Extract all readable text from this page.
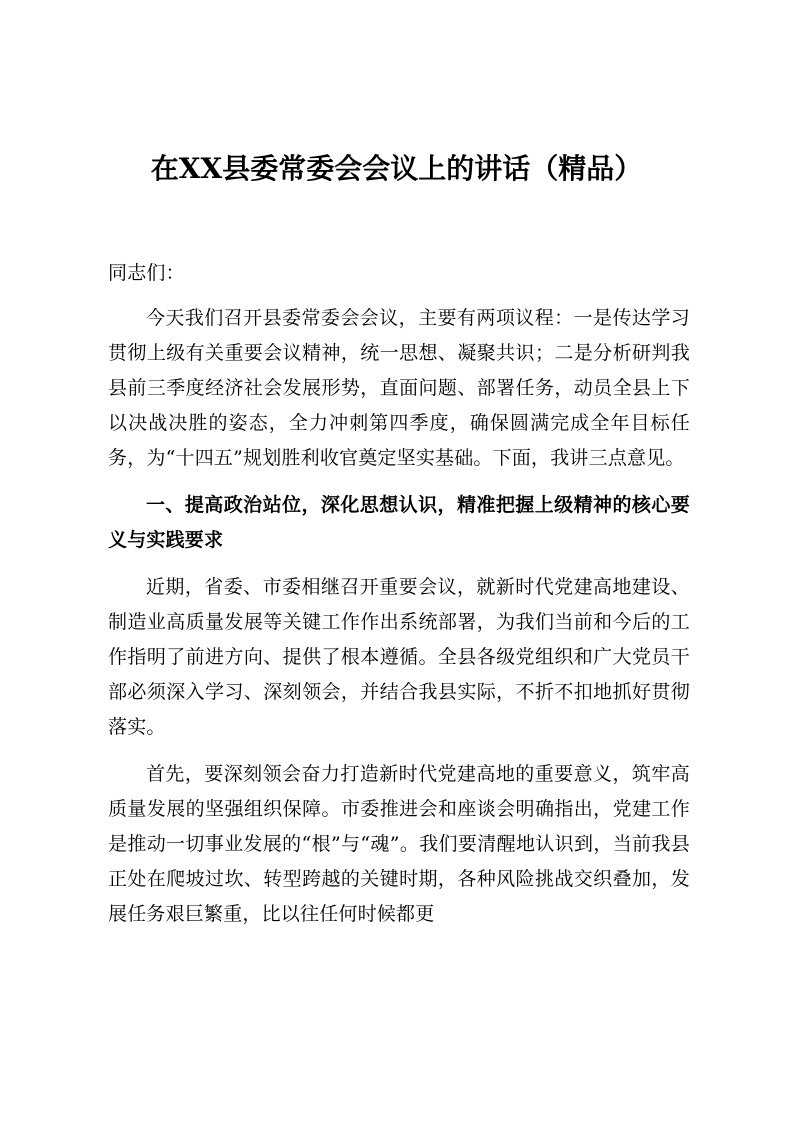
在XX县委常委会会议上的讲话（精品）

同志们：

今天我们召开县委常委会会议，主要有两项议程：一是传达学习贯彻上级有关重要会议精神，统一思想、凝聚共识；二是分析研判我县前三季度经济社会发展形势，直面问题、部署任务，动员全县上下以决战决胜的姿态，全力冲刺第四季度，确保圆满完成全年目标任务，为“十四五”规划胜利收官奠定坚实基础。下面，我讲三点意见。

一、提高政治站位，深化思想认识，精准把握上级精神的核心要义与实践要求

近期，省委、市委相继召开重要会议，就新时代党建高地建设、制造业高质量发展等关键工作作出系统部署，为我们当前和今后的工作指明了前进方向、提供了根本遵循。全县各级党组织和广大党员干部必须深入学习、深刻领会，并结合我县实际，不折不扣地抓好贯彻落实。

首先，要深刻领会奋力打造新时代党建高地的重要意义，筑牢高质量发展的坚强组织保障。市委推进会和座谈会明确指出，党建工作是推动一切事业发展的“根”与“魂”。我们要清醒地认识到，当前我县正处在爬坡过坎、转型跨越的关键时期，各种风险挑战交织叠加，发展任务艰巨繁重，比以往任何时候都更
